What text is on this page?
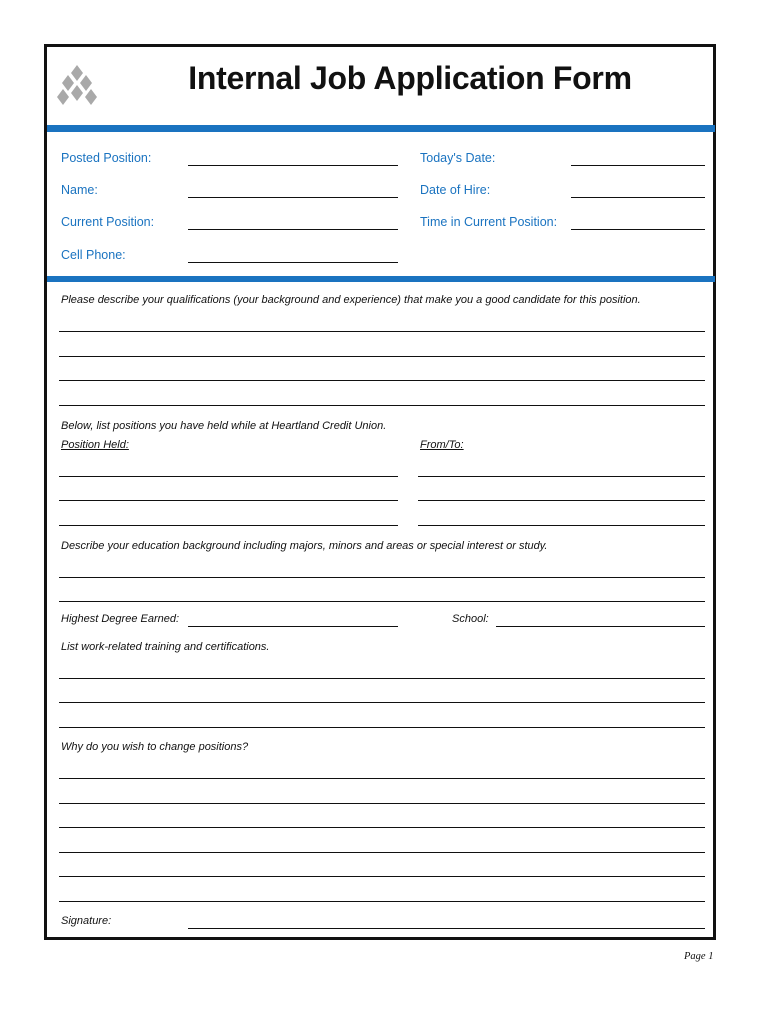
Internal Job Application Form
Posted Position:	Today's Date:
Name:	Date of Hire:
Current Position:	Time in Current Position:
Cell Phone:
Please describe your qualifications (your background and experience) that make you a good candidate for this position.
Below, list positions you have held while at Heartland Credit Union.
Position Held:	From/To:
Describe your education background including majors, minors and areas or special interest or study.
Highest Degree Earned:	School:
List work-related training and certifications.
Why do you wish to change positions?
Signature:
Page 1
